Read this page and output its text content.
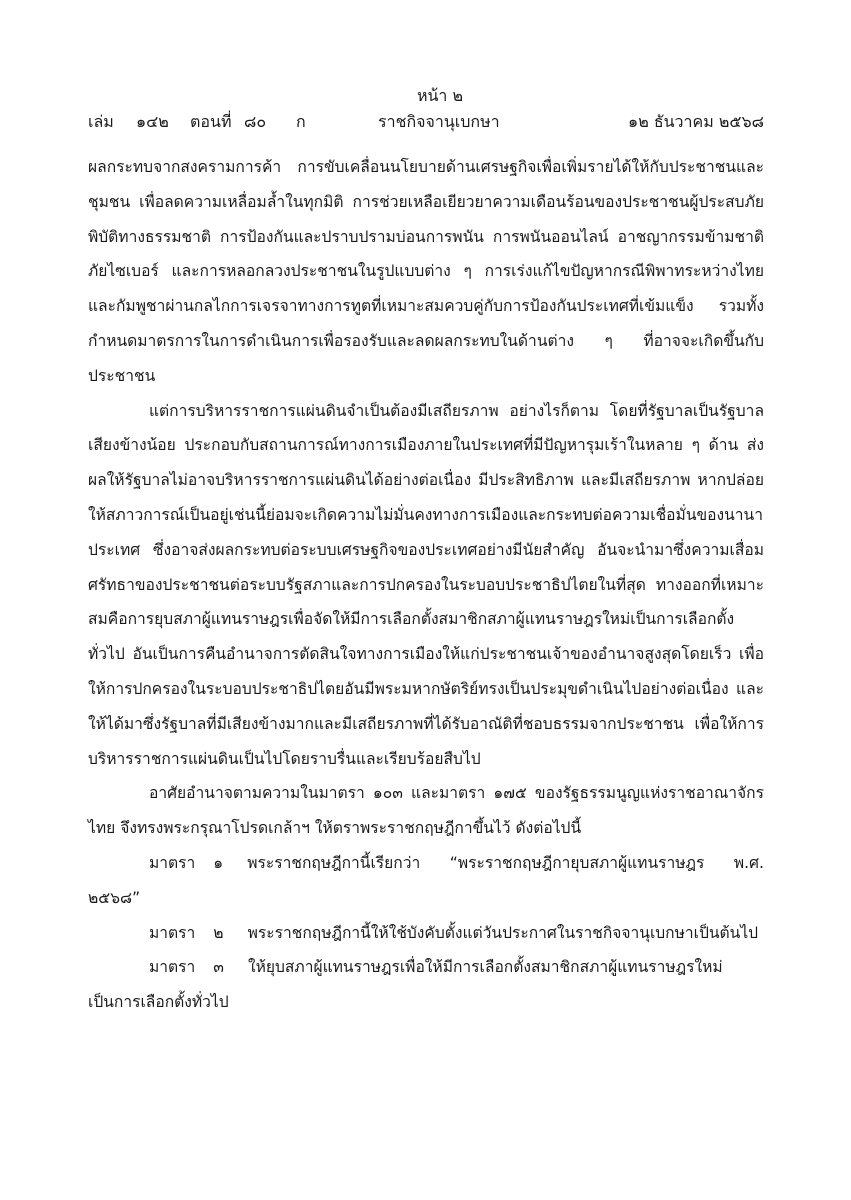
หน้า ๒
เล่ม ๑๔๒ ตอนที่ ๘๐ ก	ราชกิจจานุเบกษา	๑๒ ธันวาคม ๒๕๖๘

ผลกระทบจากสงครามการค้า การขับเคลื่อนนโยบายด้านเศรษฐกิจเพื่อเพิ่มรายได้ให้กับประชาชนและชุมชน เพื่อลดความเหลื่อมล้ำในทุกมิติ การช่วยเหลือเยียวยาความเดือนร้อนของประชาชนผู้ประสบภัยพิบัติทางธรรมชาติ การป้องกันและปราบปรามบ่อนการพนัน การพนันออนไลน์ อาชญากรรมข้ามชาติ ภัยไซเบอร์ และการหลอกลวงประชาชนในรูปแบบต่าง ๆ การเร่งแก้ไขปัญหากรณีพิพาทระหว่างไทยและกัมพูชาผ่านกลไกการเจรจาทางการทูตที่เหมาะสมควบคู่กับการป้องกันประเทศที่เข้มแข็ง รวมทั้งกำหนดมาตรการในการดำเนินการเพื่อรองรับและลดผลกระทบในด้านต่าง ๆ ที่อาจจะเกิดขึ้นกับประชาชน

แต่การบริหารราชการแผ่นดินจำเป็นต้องมีเสถียรภาพ อย่างไรก็ตาม โดยที่รัฐบาลเป็นรัฐบาลเสียงข้างน้อย ประกอบกับสถานการณ์ทางการเมืองภายในประเทศที่มีปัญหารุมเร้าในหลาย ๆ ด้าน ส่งผลให้รัฐบาลไม่อาจบริหารราชการแผ่นดินได้อย่างต่อเนื่อง มีประสิทธิภาพ และมีเสถียรภาพ หากปล่อยให้สภาวการณ์เป็นอยู่เช่นนี้ย่อมจะเกิดความไม่มั่นคงทางการเมืองและกระทบต่อความเชื่อมั่นของนานาประเทศ ซึ่งอาจส่งผลกระทบต่อระบบเศรษฐกิจของประเทศอย่างมีนัยสำคัญ อันจะนำมาซึ่งความเสื่อมศรัทธาของประชาชนต่อระบบรัฐสภาและการปกครองในระบอบประชาธิปไตยในที่สุด ทางออกที่เหมาะสมคือการยุบสภาผู้แทนราษฎรเพื่อจัดให้มีการเลือกตั้งสมาชิกสภาผู้แทนราษฎรใหม่เป็นการเลือกตั้งทั่วไป อันเป็นการคืนอำนาจการตัดสินใจทางการเมืองให้แก่ประชาชนเจ้าของอำนาจสูงสุดโดยเร็ว เพื่อให้การปกครองในระบอบประชาธิปไตยอันมีพระมหากษัตริย์ทรงเป็นประมุขดำเนินไปอย่างต่อเนื่อง และให้ได้มาซึ่งรัฐบาลที่มีเสียงข้างมากและมีเสถียรภาพที่ได้รับอาณัติที่ชอบธรรมจากประชาชน เพื่อให้การบริหารราชการแผ่นดินเป็นไปโดยราบรื่นและเรียบร้อยสืบไป

อาศัยอำนาจตามความในมาตรา ๑๐๓ และมาตรา ๑๗๕ ของรัฐธรรมนูญแห่งราชอาณาจักรไทย จึงทรงพระกรุณาโปรดเกล้าฯ ให้ตราพระราชกฤษฎีกาขึ้นไว้ ดังต่อไปนี้

มาตรา ๑ พระราชกฤษฎีกานี้เรียกว่า “พระราชกฤษฎีกายุบสภาผู้แทนราษฎร พ.ศ. ๒๕๖๘”

มาตรา ๒ พระราชกฤษฎีกานี้ให้ใช้บังคับตั้งแต่วันประกาศในราชกิจจานุเบกษาเป็นต้นไป

มาตรา ๓ ให้ยุบสภาผู้แทนราษฎรเพื่อให้มีการเลือกตั้งสมาชิกสภาผู้แทนราษฎรใหม่เป็นการเลือกตั้งทั่วไป
